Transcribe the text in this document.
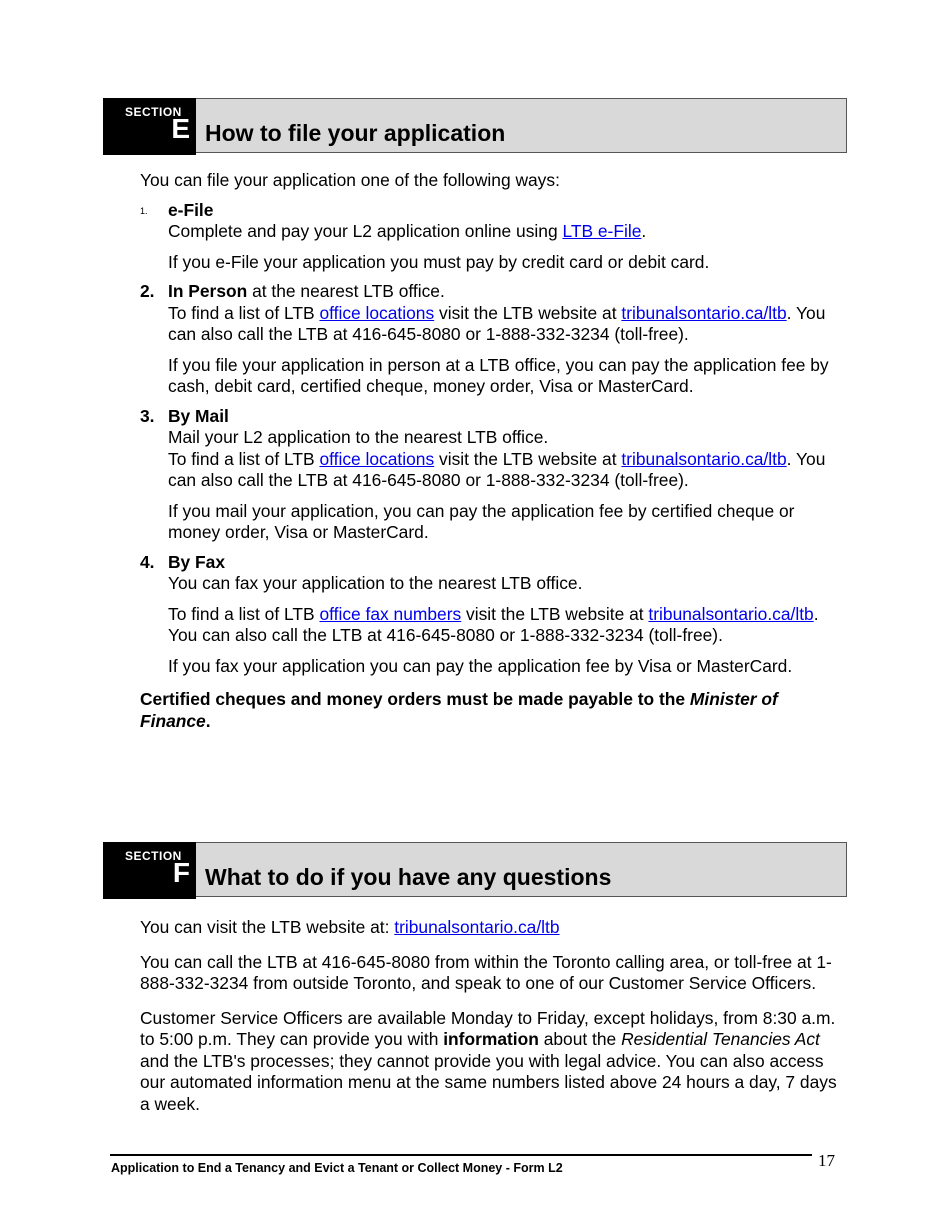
SECTION
E How to file your application

You can file your application one of the following ways:

1. e-File

Complete and pay your L2 application online using LTB e-File.

If you e-File your application you must pay by credit card or debit card.

2. In Person at the nearest LTB office.

To find a list of LTB office locations visit the LTB website at tribunalsontario.ca/ltb. You can also call the LTB at 416-645-8080 or 1-888-332-3234 (toll-free).

If you file your application in person at a LTB office, you can pay the application fee by cash, debit card, certified cheque, money order, Visa or MasterCard.

3. By Mail

Mail your L2 application to the nearest LTB office.

To find a list of LTB office locations visit the LTB website at tribunalsontario.ca/ltb. You can also call the LTB at 416-645-8080 or 1-888-332-3234 (toll-free).

If you mail your application, you can pay the application fee by certified cheque or money order, Visa or MasterCard.

4. By Fax

You can fax your application to the nearest LTB office.

To find a list of LTB office fax numbers visit the LTB website at tribunalsontario.ca/ltb. You can also call the LTB at 416-645-8080 or 1-888-332-3234 (toll-free).

If you fax your application you can pay the application fee by Visa or MasterCard.

Certified cheques and money orders must be made payable to the Minister of Finance.

SECTION
F What to do if you have any questions

You can visit the LTB website at: tribunalsontario.ca/ltb

You can call the LTB at 416-645-8080 from within the Toronto calling area, or toll-free at 1-888-332-3234 from outside Toronto, and speak to one of our Customer Service Officers.

Customer Service Officers are available Monday to Friday, except holidays, from 8:30 a.m. to 5:00 p.m. They can provide you with information about the Residential Tenancies Act and the LTB's processes; they cannot provide you with legal advice. You can also access our automated information menu at the same numbers listed above 24 hours a day, 7 days a week.

Application to End a Tenancy and Evict a Tenant or Collect Money - Form L2	17
